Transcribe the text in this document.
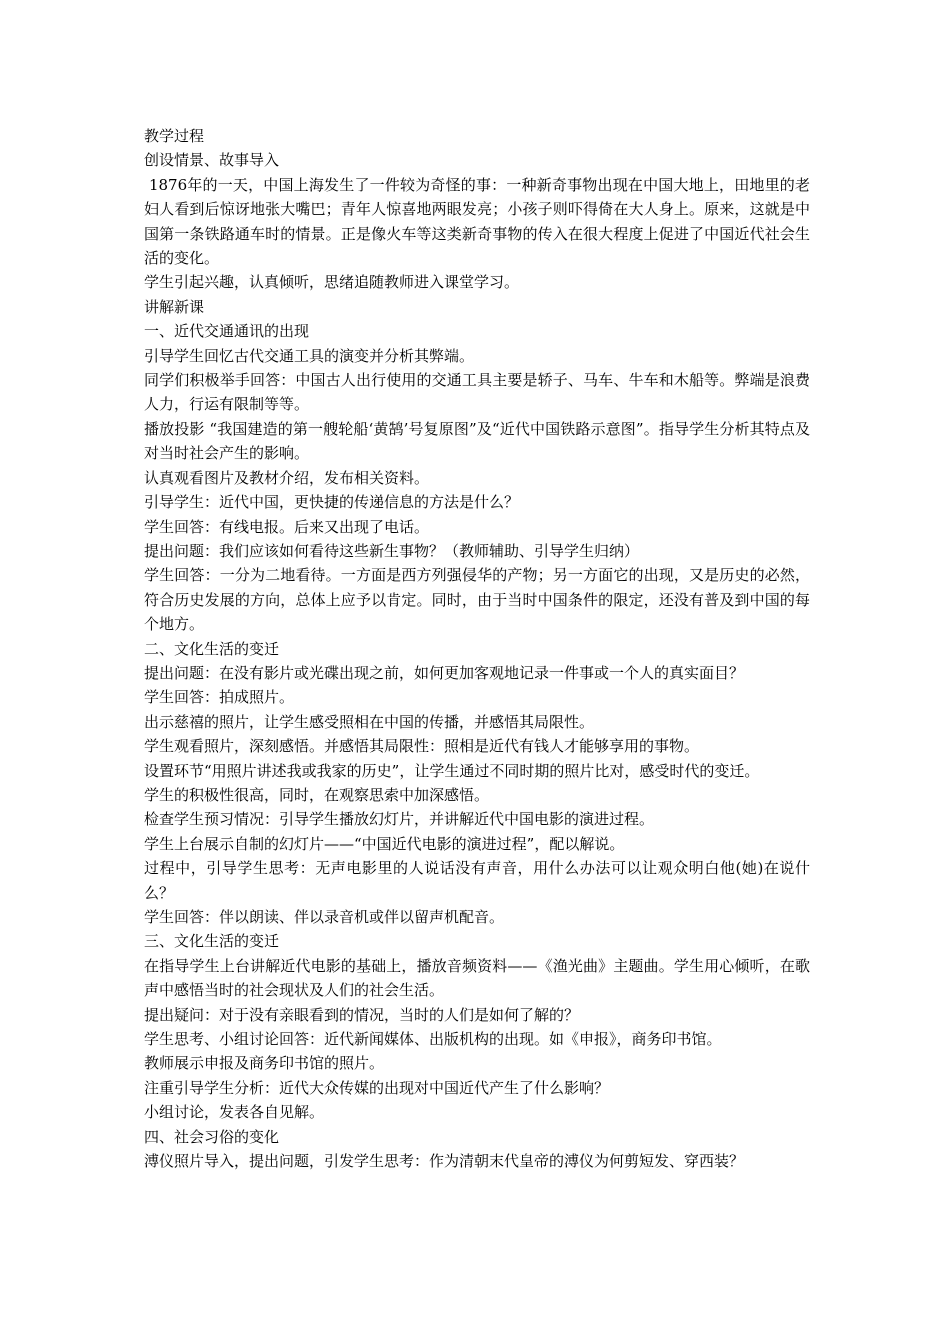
教学过程

创设情景、故事导入

1876年的一天，中国上海发生了一件较为奇怪的事：一种新奇事物出现在中国大地上，田地里的老妇人看到后惊讶地张大嘴巴；青年人惊喜地两眼发亮；小孩子则吓得倚在大人身上。原来，这就是中国第一条铁路通车时的情景。正是像火车等这类新奇事物的传入在很大程度上促进了中国近代社会生活的变化。

学生引起兴趣，认真倾听，思绪追随教师进入课堂学习。

讲解新课

一、近代交通通讯的出现

引导学生回忆古代交通工具的演变并分析其弊端。

同学们积极举手回答：中国古人出行使用的交通工具主要是轿子、马车、牛车和木船等。弊端是浪费人力，行运有限制等等。

播放投影 “我国建造的第一艘轮船‘黄鹄’号复原图”及“近代中国铁路示意图”。指导学生分析其特点及对当时社会产生的影响。

认真观看图片及教材介绍，发布相关资料。

引导学生：近代中国，更快捷的传递信息的方法是什么？

学生回答：有线电报。后来又出现了电话。

提出问题：我们应该如何看待这些新生事物？（教师辅助、引导学生归纳）

学生回答：一分为二地看待。一方面是西方列强侵华的产物；另一方面它的出现，又是历史的必然，符合历史发展的方向，总体上应予以肯定。同时，由于当时中国条件的限定，还没有普及到中国的每个地方。

二、文化生活的变迁

提出问题：在没有影片或光碟出现之前，如何更加客观地记录一件事或一个人的真实面目？

学生回答：拍成照片。

出示慈禧的照片，让学生感受照相在中国的传播，并感悟其局限性。

学生观看照片，深刻感悟。并感悟其局限性：照相是近代有钱人才能够享用的事物。

设置环节“用照片讲述我或我家的历史”，让学生通过不同时期的照片比对，感受时代的变迁。

学生的积极性很高，同时，在观察思索中加深感悟。

检查学生预习情况：引导学生播放幻灯片，并讲解近代中国电影的演进过程。

学生上台展示自制的幻灯片——“中国近代电影的演进过程”，配以解说。

过程中，引导学生思考：无声电影里的人说话没有声音，用什么办法可以让观众明白他(她)在说什么？

学生回答：伴以朗读、伴以录音机或伴以留声机配音。

三、文化生活的变迁

在指导学生上台讲解近代电影的基础上，播放音频资料——《渔光曲》主题曲。学生用心倾听，在歌声中感悟当时的社会现状及人们的社会生活。

提出疑问：对于没有亲眼看到的情况，当时的人们是如何了解的？

学生思考、小组讨论回答：近代新闻媒体、出版机构的出现。如《申报》，商务印书馆。

教师展示申报及商务印书馆的照片。

注重引导学生分析：近代大众传媒的出现对中国近代产生了什么影响？

小组讨论，发表各自见解。

四、社会习俗的变化

溥仪照片导入，提出问题，引发学生思考：作为清朝末代皇帝的溥仪为何剪短发、穿西装？
